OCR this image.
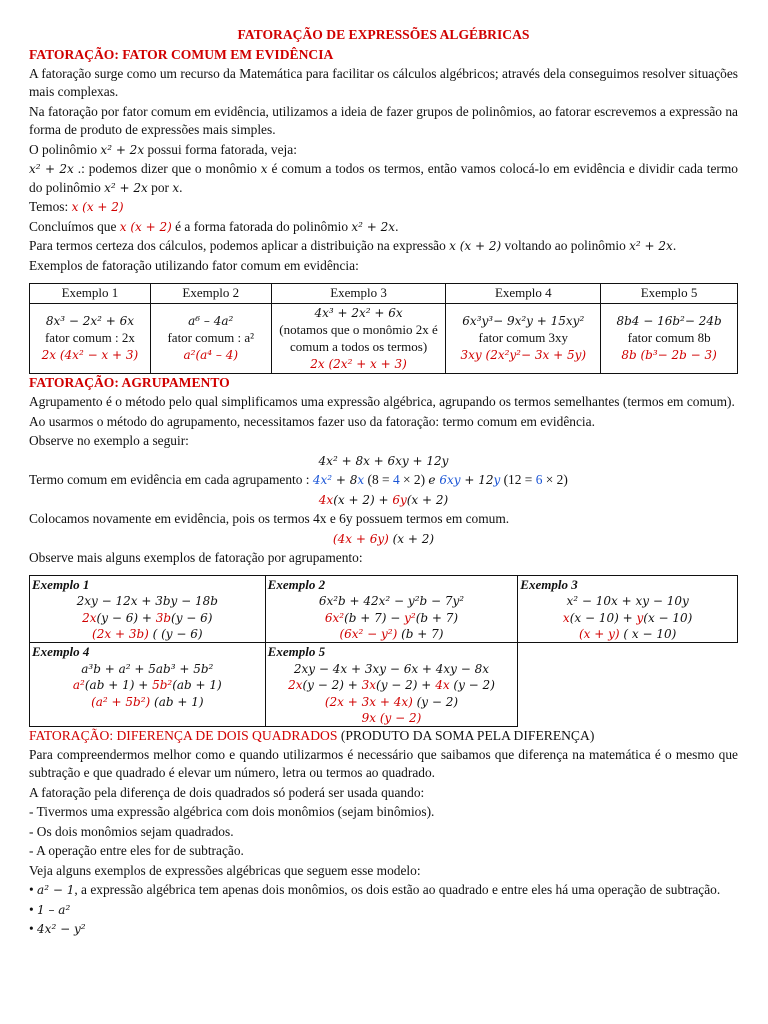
FATORAÇÃO DE EXPRESSÕES ALGÉBRICAS
FATORAÇÃO: FATOR COMUM EM EVIDÊNCIA

A fatoração surge como um recurso da Matemática para facilitar os cálculos algébricos; através dela conseguimos resolver situações mais complexas.

Na fatoração por fator comum em evidência, utilizamos a ideia de fazer grupos de polinômios, ao fatorar escrevemos a expressão na forma de produto de expressões mais simples.

O polinômio x² + 2x possui forma fatorada, veja:

x² + 2x .: podemos dizer que o monômio x é comum a todos os termos, então vamos colocá-lo em evidência e dividir cada termo do polinômio x² + 2x por x.

Temos: x (x + 2)

Concluímos que x (x + 2) é a forma fatorada do polinômio x² + 2x.

Para termos certeza dos cálculos, podemos aplicar a distribuição na expressão x (x + 2) voltando ao polinômio x² + 2x.

Exemplos de fatoração utilizando fator comum em evidência:

Exemplo 1	Exemplo 2	Exemplo 3	Exemplo 4	Exemplo 5
8x³ − 2x² + 6x
fator comum : 2x
2x (4x² − x + 3)	a⁶ – 4a²
fator comum : a²
a²(a⁴ – 4)	4x³ + 2x² + 6x
(notamos que o monômio 2x é comum a todos os termos)
2x (2x² + x + 3)	6x³y³− 9x²y + 15xy²
fator comum 3xy
3xy (2x²y²− 3x + 5y)	8b4 − 16b²− 24b
fator comum 8b
8b (b³− 2b − 3)
FATORAÇÃO: AGRUPAMENTO

Agrupamento é o método pelo qual simplificamos uma expressão algébrica, agrupando os termos semelhantes (termos em comum).

Ao usarmos o método do agrupamento, necessitamos fazer uso da fatoração: termo comum em evidência.

Observe no exemplo a seguir:

4x² + 8x + 6xy + 12y

Termo comum em evidência em cada agrupamento : 4x² + 8x (8 = 4 × 2) e 6xy + 12y (12 = 6 × 2)

4x(x + 2) + 6y(x + 2)

Colocamos novamente em evidência, pois os termos 4x e 6y possuem termos em comum.

(4x + 6y) (x + 2)

Observe mais alguns exemplos de fatoração por agrupamento:

Exemplo 1
2xy − 12x + 3by − 18b
2x(y − 6) + 3b(y − 6)
(2x + 3b) ( (y − 6)	Exemplo 2
6x²b + 42x² − y²b − 7y²
6x²(b + 7) − y²(b + 7)
(6x² − y²) (b + 7)	Exemplo 3
x² − 10x + xy − 10y
x(x − 10) + y(x − 10)
(x + y) ( x − 10)

Exemplo 4
a³b + a² + 5ab³ + 5b²
a²(ab + 1) + 5b²(ab + 1)
(a² + 5b²) (ab + 1)	Exemplo 5
2xy − 4x + 3xy − 6x + 4xy − 8x
2x(y − 2) + 3x(y − 2) + 4x (y − 2)
(2x + 3x + 4x) (y − 2)
9x (y − 2)	

FATORAÇÃO: DIFERENÇA DE DOIS QUADRADOS (PRODUTO DA SOMA PELA DIFERENÇA)

Para compreendermos melhor como e quando utilizarmos é necessário que saibamos que diferença na matemática é o mesmo que subtração e que quadrado é elevar um número, letra ou termos ao quadrado.

A fatoração pela diferença de dois quadrados só poderá ser usada quando:

- Tivermos uma expressão algébrica com dois monômios (sejam binômios).

- Os dois monômios sejam quadrados.

- A operação entre eles for de subtração.

Veja alguns exemplos de expressões algébricas que seguem esse modelo:

• a² − 1, a expressão algébrica tem apenas dois monômios, os dois estão ao quadrado e entre eles há uma operação de subtração.

• 1 – a²

• 4x² − y²
